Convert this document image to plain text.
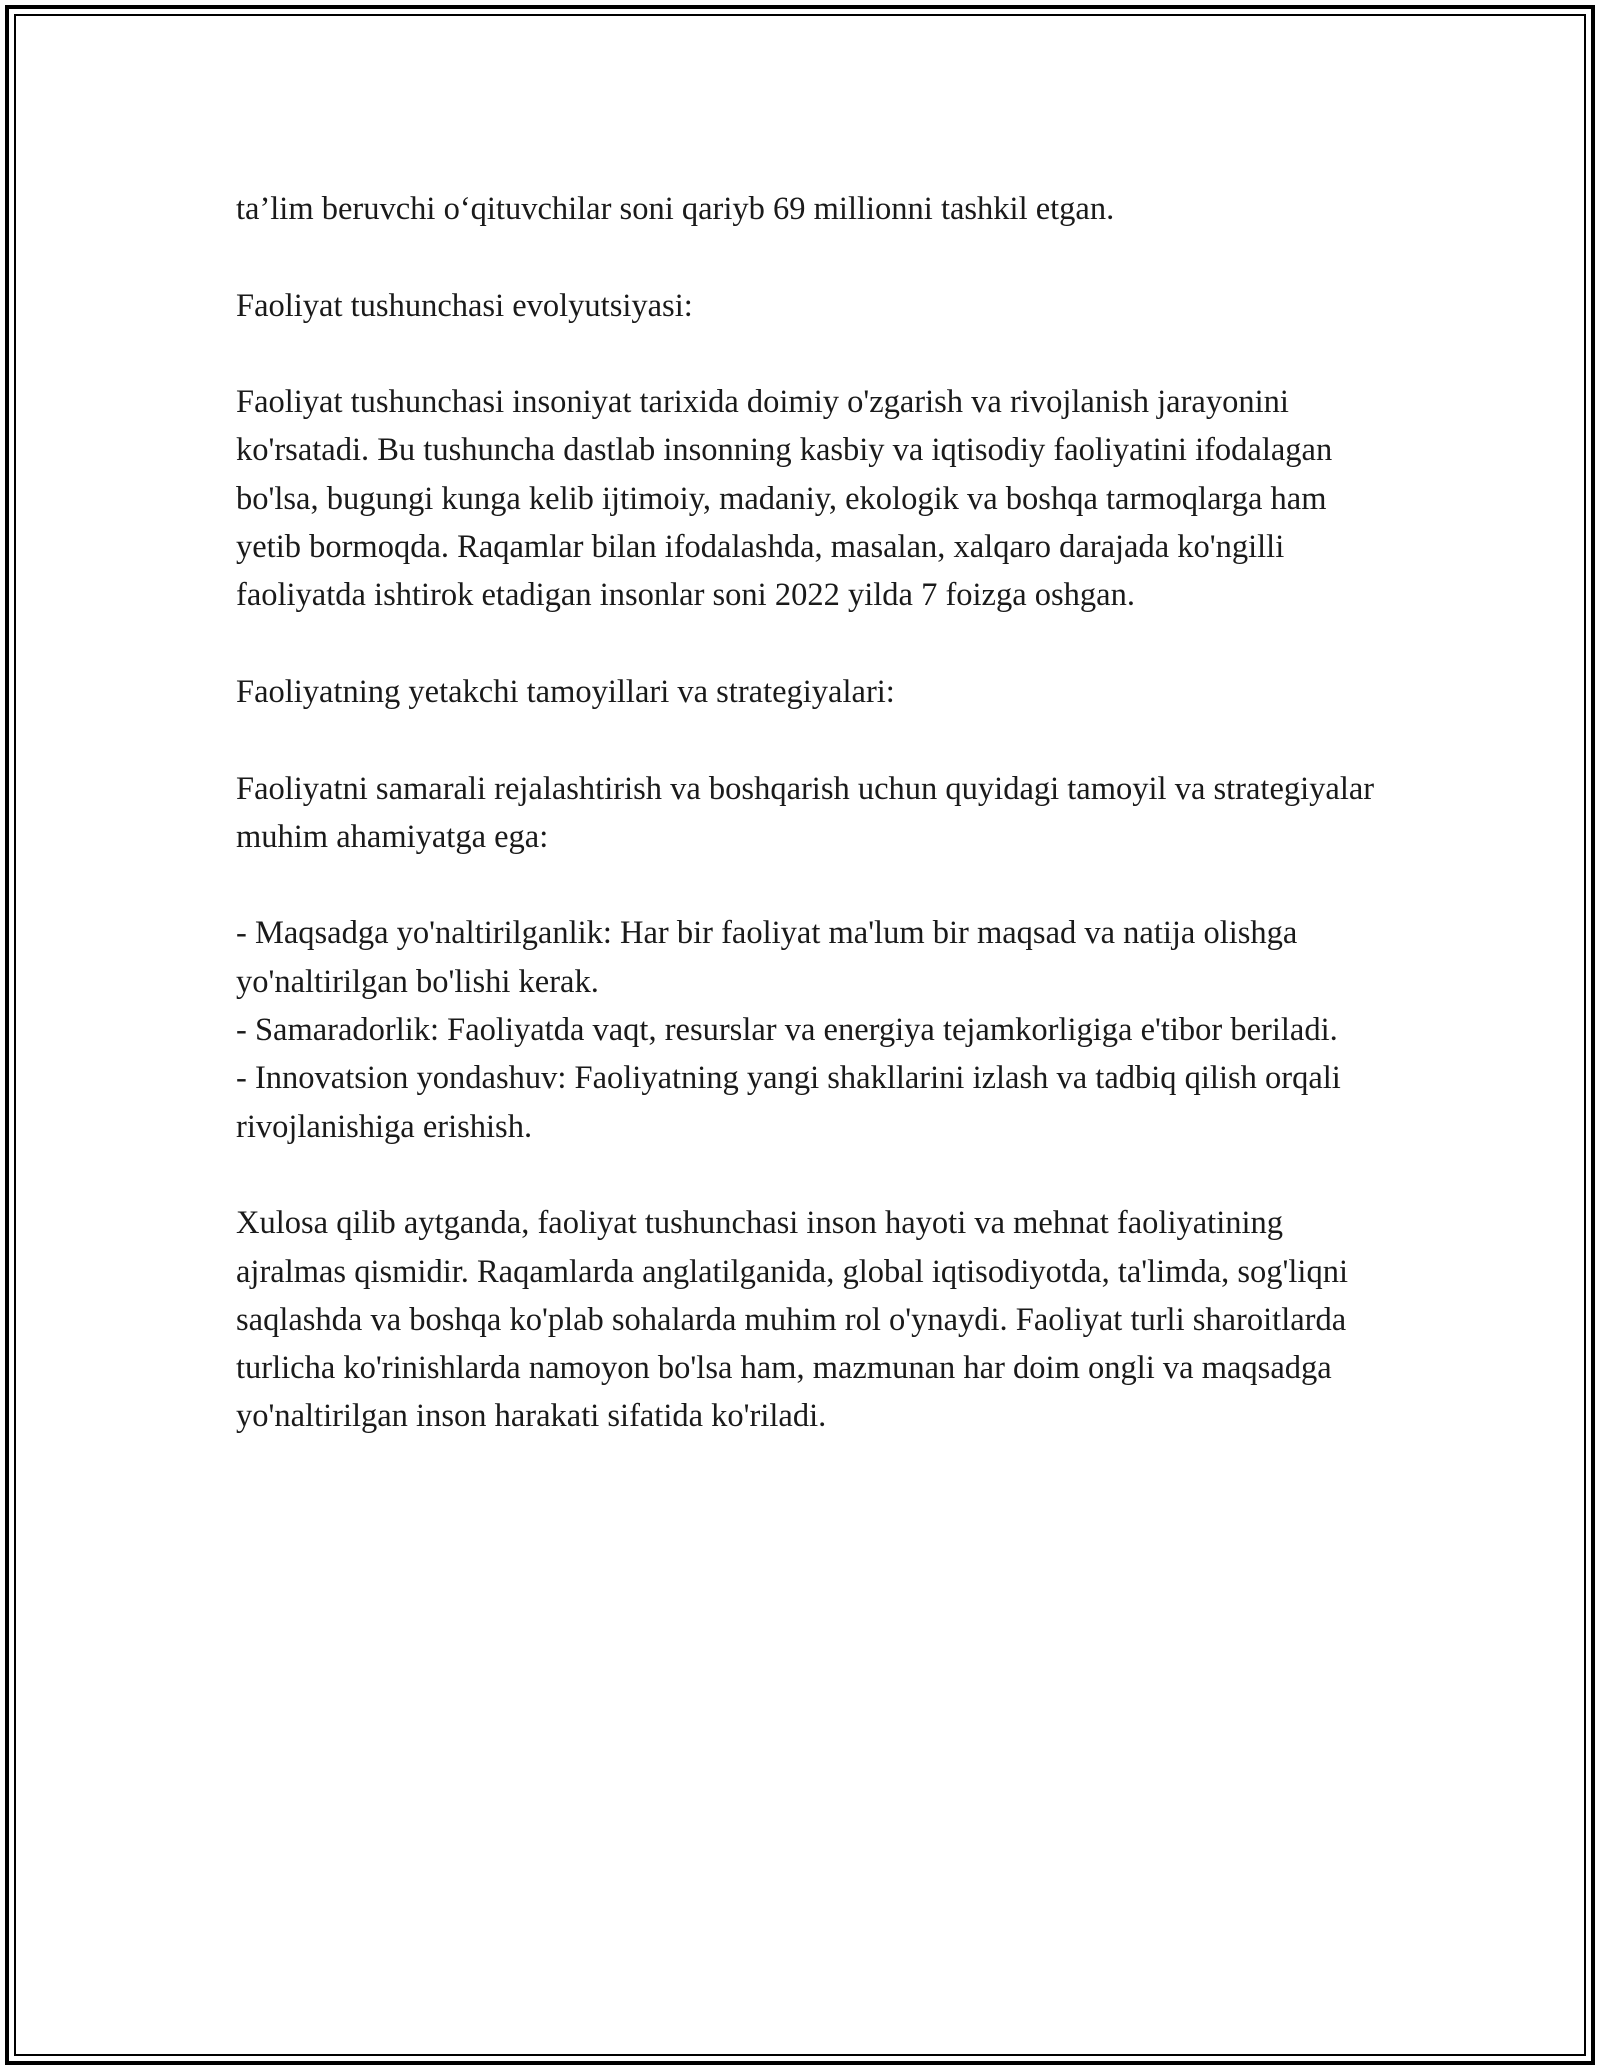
ta’lim beruvchi o‘qituvchilar soni qariyb 69 millionni tashkil etgan.

Faoliyat tushunchasi evolyutsiyasi:

Faoliyat tushunchasi insoniyat tarixida doimiy o'zgarish va rivojlanish jarayonini ko'rsatadi. Bu tushuncha dastlab insonning kasbiy va iqtisodiy faoliyatini ifodalagan bo'lsa, bugungi kunga kelib ijtimoiy, madaniy, ekologik va boshqa tarmoqlarga ham yetib bormoqda. Raqamlar bilan ifodalashda, masalan, xalqaro darajada ko'ngilli faoliyatda ishtirok etadigan insonlar soni 2022 yilda 7 foizga oshgan.

Faoliyatning yetakchi tamoyillari va strategiyalari:

Faoliyatni samarali rejalashtirish va boshqarish uchun quyidagi tamoyil va strategiyalar muhim ahamiyatga ega:

- Maqsadga yo'naltirilganlik: Har bir faoliyat ma'lum bir maqsad va natija olishga yo'naltirilgan bo'lishi kerak.
- Samaradorlik: Faoliyatda vaqt, resurslar va energiya tejamkorligiga e'tibor beriladi.
- Innovatsion yondashuv: Faoliyatning yangi shakllarini izlash va tadbiq qilish orqali rivojlanishiga erishish.

Xulosa qilib aytganda, faoliyat tushunchasi inson hayoti va mehnat faoliyatining ajralmas qismidir. Raqamlarda anglatilganida, global iqtisodiyotda, ta'limda, sog'liqni saqlashda va boshqa ko'plab sohalarda muhim rol o'ynaydi. Faoliyat turli sharoitlarda turlicha ko'rinishlarda namoyon bo'lsa ham, mazmunan har doim ongli va maqsadga yo'naltirilgan inson harakati sifatida ko'riladi.
